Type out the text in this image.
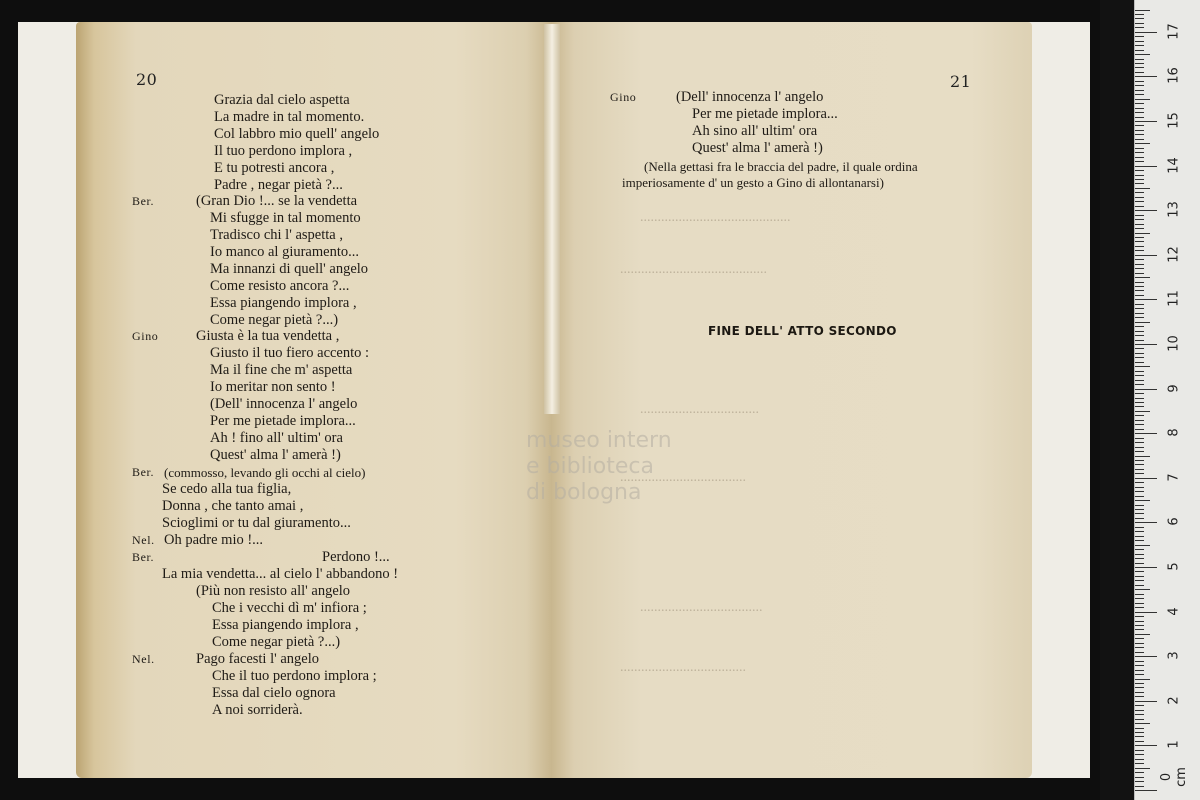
...........................................
..........................................
..................................
....................................
...................................
....................................
museo intern
e biblioteca
di bologna
20
Grazia dal cielo aspetta
La madre in tal momento.
Col labbro mio quell' angelo
Il tuo perdono implora ,
E tu potresti ancora ,
Padre , negar pietà ?...
Ber.	(Gran Dio !... se la vendetta
Mi sfugge in tal momento
Tradisco chi l' aspetta ,
Io manco al giuramento...
Ma innanzi di quell' angelo
Come resisto ancora ?...
Essa piangendo implora ,
Come negar pietà ?...)
Gino	Giusta è la tua vendetta ,
Giusto il tuo fiero accento :
Ma il fine che m' aspetta
Io meritar non sento !
(Dell' innocenza l' angelo
Per me pietade implora...
Ah ! fino all' ultim' ora
Quest' alma l' amerà !)
Ber. (commosso, levando gli occhi al cielo)
Se cedo alla tua figlia,
Donna , che tanto amai ,
Scioglimi or tu dal giuramento...
Nel. Oh padre mio !...
Ber.	Perdono !...
La mia vendetta... al cielo l' abbandono !
(Più non resisto all' angelo
Che i vecchi dì m' infiora ;
Essa piangendo implora ,
Come negar pietà ?...)
Nel.	Pago facesti l' angelo
Che il tuo perdono implora ;
Essa dal cielo ognora
A noi sorriderà.
21
Gino	(Dell' innocenza l' angelo
Per me pietade implora...
Ah sino all' ultim' ora
Quest' alma l' amerà !)
(Nella gettasi fra le braccia del padre, il quale ordina
imperiosamente d' un gesto a Gino di allontanarsi)
FINE DELL' ATTO SECONDO
1
2
3
4
5
6
7
8
9
10
11
12
13
14
15
16
17
0 cm
